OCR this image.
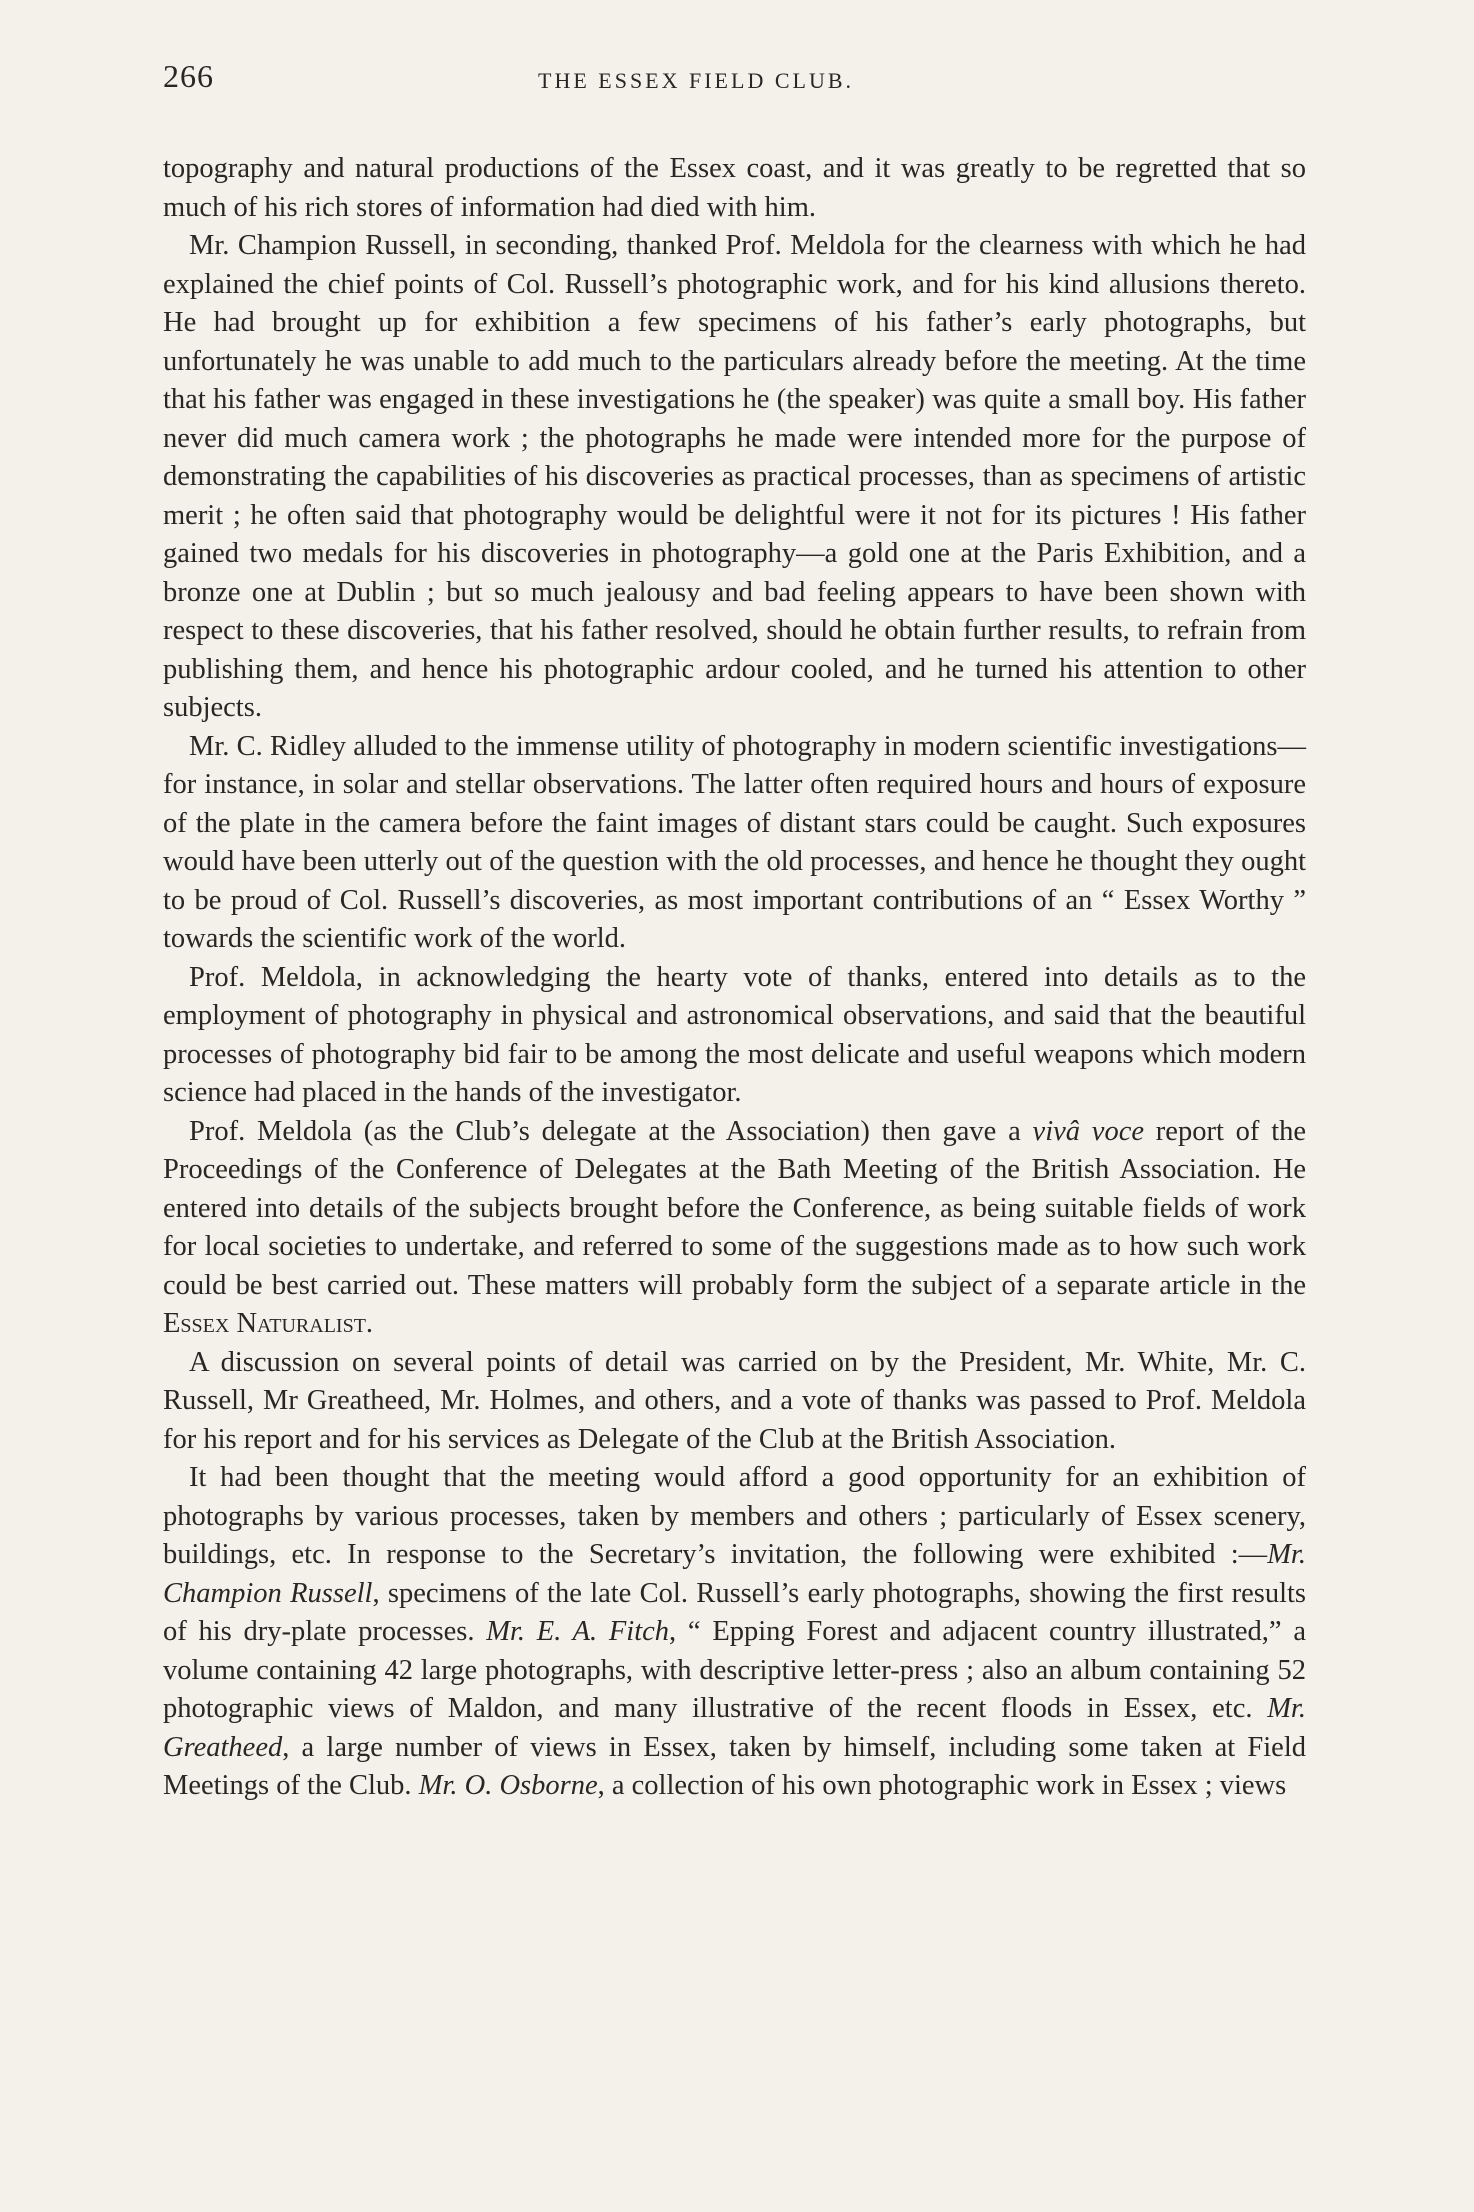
266	THE ESSEX FIELD CLUB.

topography and natural productions of the Essex coast, and it was greatly to be regretted that so much of his rich stores of information had died with him.

Mr. Champion Russell, in seconding, thanked Prof. Meldola for the clearness with which he had explained the chief points of Col. Russell’s photographic work, and for his kind allusions thereto. He had brought up for exhibition a few specimens of his father’s early photographs, but unfortunately he was unable to add much to the particulars already before the meeting. At the time that his father was engaged in these investigations he (the speaker) was quite a small boy. His father never did much camera work ; the photographs he made were intended more for the purpose of demonstrating the capabilities of his discoveries as practical processes, than as specimens of artistic merit ; he often said that photography would be delightful were it not for its pictures ! His father gained two medals for his discoveries in photography—a gold one at the Paris Exhibition, and a bronze one at Dublin ; but so much jealousy and bad feeling appears to have been shown with respect to these discoveries, that his father resolved, should he obtain further results, to refrain from publishing them, and hence his photographic ardour cooled, and he turned his attention to other subjects.

Mr. C. Ridley alluded to the immense utility of photography in modern scientific investigations—for instance, in solar and stellar observations. The latter often required hours and hours of exposure of the plate in the camera before the faint images of distant stars could be caught. Such exposures would have been utterly out of the question with the old processes, and hence he thought they ought to be proud of Col. Russell’s discoveries, as most important contributions of an “ Essex Worthy ” towards the scientific work of the world.

Prof. Meldola, in acknowledging the hearty vote of thanks, entered into details as to the employment of photography in physical and astronomical observations, and said that the beautiful processes of photography bid fair to be among the most delicate and useful weapons which modern science had placed in the hands of the investigator.

Prof. Meldola (as the Club’s delegate at the Association) then gave a vivâ voce report of the Proceedings of the Conference of Delegates at the Bath Meeting of the British Association. He entered into details of the subjects brought before the Conference, as being suitable fields of work for local societies to undertake, and referred to some of the suggestions made as to how such work could be best carried out. These matters will probably form the subject of a separate article in the Essex Naturalist.

A discussion on several points of detail was carried on by the President, Mr. White, Mr. C. Russell, Mr Greatheed, Mr. Holmes, and others, and a vote of thanks was passed to Prof. Meldola for his report and for his services as Delegate of the Club at the British Association.

It had been thought that the meeting would afford a good opportunity for an exhibition of photographs by various processes, taken by members and others ; particularly of Essex scenery, buildings, etc. In response to the Secretary’s invitation, the following were exhibited :—Mr. Champion Russell, specimens of the late Col. Russell’s early photographs, showing the first results of his dry-plate processes. Mr. E. A. Fitch, “ Epping Forest and adjacent country illustrated,” a volume containing 42 large photographs, with descriptive letter-press ; also an album containing 52 photographic views of Maldon, and many illustrative of the recent floods in Essex, etc. Mr. Greatheed, a large number of views in Essex, taken by himself, including some taken at Field Meetings of the Club. Mr. O. Osborne, a collection of his own photographic work in Essex ; views
